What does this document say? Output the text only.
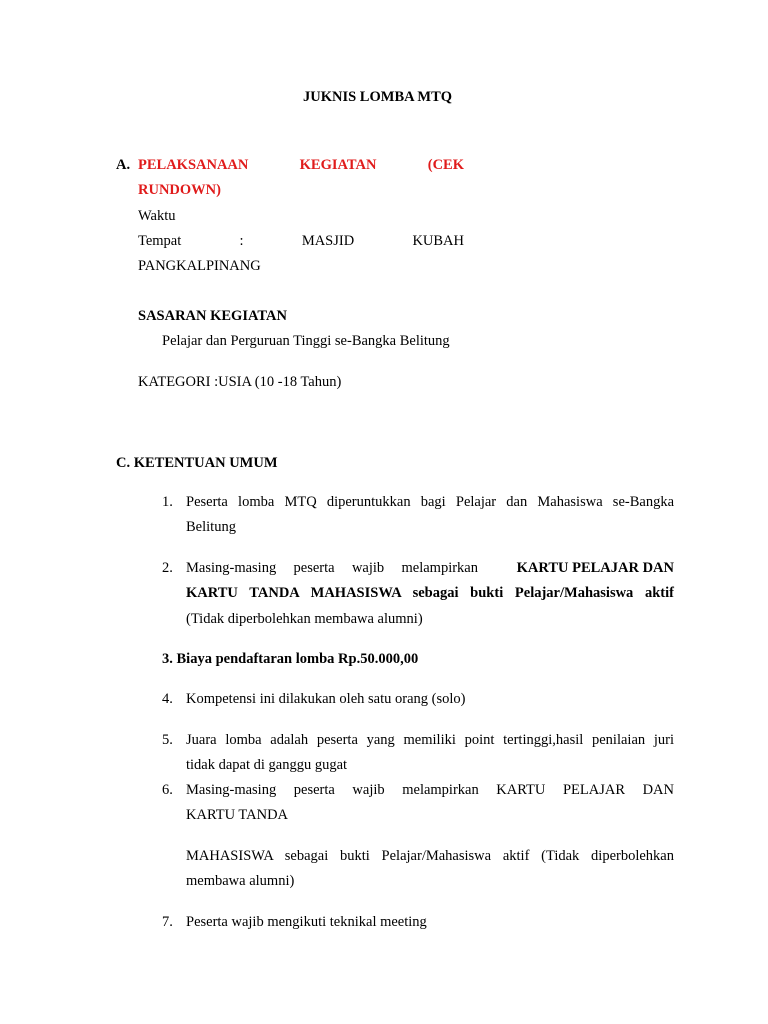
JUKNIS LOMBA MTQ
A. PELAKSANAAN	KEGIATAN	(CEK
RUNDOWN)
Waktu
Tempat	:	MASJID	KUBAH
PANGKALPINANG
SASARAN KEGIATAN
Pelajar dan Perguruan Tinggi se-Bangka Belitung
KATEGORI :USIA (10 -18 Tahun)
C. KETENTUAN UMUM
1. Peserta lomba MTQ diperuntukkan bagi Pelajar dan Mahasiswa se-Bangka
Belitung
2. Masing-masing peserta wajib melampirkan	KARTU PELAJAR DAN
KARTU TANDA MAHASISWA sebagai bukti Pelajar/Mahasiswa aktif
(Tidak diperbolehkan membawa alumni)
3. Biaya pendaftaran lomba Rp.50.000,00
4. Kompetensi ini dilakukan oleh satu orang (solo)
5. Juara lomba adalah peserta yang memiliki point tertinggi,hasil penilaian juri
tidak dapat di ganggu gugat
6. Masing-masing peserta wajib melampirkan KARTU PELAJAR DAN
KARTU TANDA
MAHASISWA sebagai bukti Pelajar/Mahasiswa aktif (Tidak diperbolehkan
membawa alumni)
7. Peserta wajib mengikuti teknikal meeting
